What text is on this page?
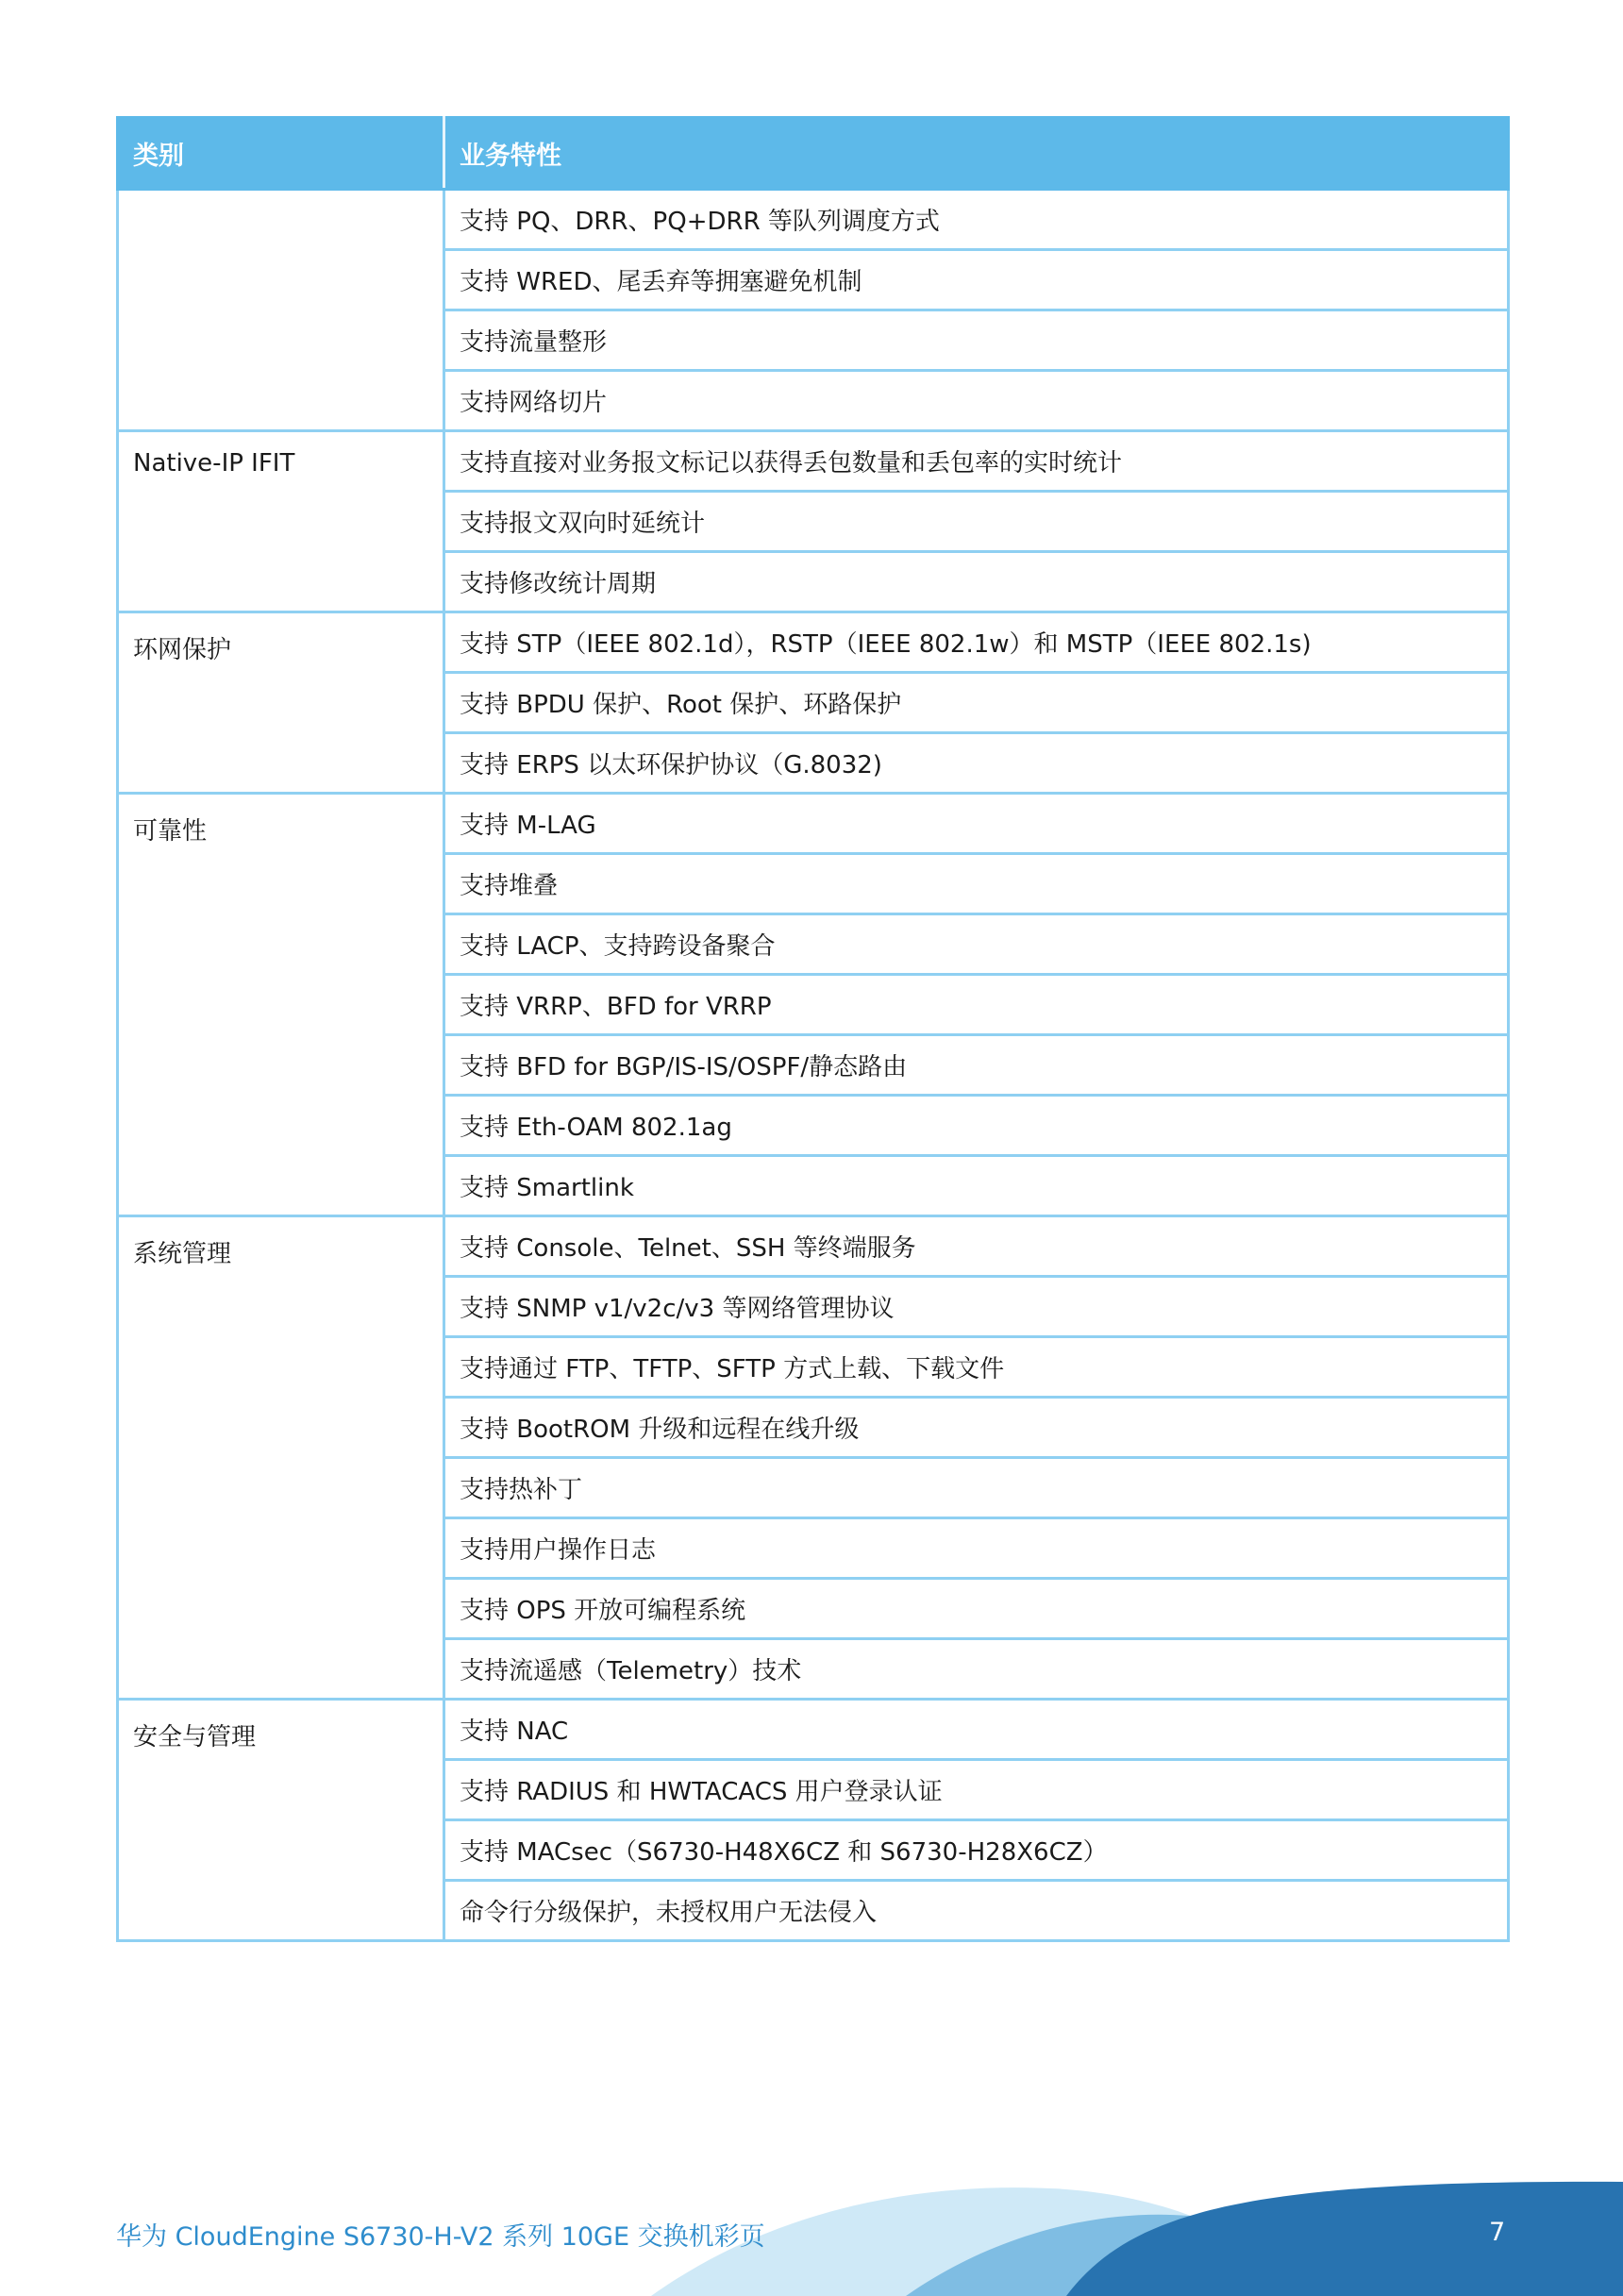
类别	业务特性
	支持 PQ、DRR、PQ+DRR 等队列调度方式
	支持 WRED、尾丢弃等拥塞避免机制
	支持流量整形
	支持网络切片
Native-IP IFIT	支持直接对业务报文标记以获得丢包数量和丢包率的实时统计
	支持报文双向时延统计
	支持修改统计周期
环网保护	支持 STP（IEEE 802.1d），RSTP（IEEE 802.1w）和 MSTP（IEEE 802.1s)
	支持 BPDU 保护、Root 保护、环路保护
	支持 ERPS 以太环保护协议（G.8032)
可靠性	支持 M-LAG
	支持堆叠
	支持 LACP、支持跨设备聚合
	支持 VRRP、BFD for VRRP
	支持 BFD for BGP/IS-IS/OSPF/静态路由
	支持 Eth-OAM 802.1ag
	支持 Smartlink
系统管理	支持 Console、Telnet、SSH 等终端服务
	支持 SNMP v1/v2c/v3 等网络管理协议
	支持通过 FTP、TFTP、SFTP 方式上载、下载文件
	支持 BootROM 升级和远程在线升级
	支持热补丁
	支持用户操作日志
	支持 OPS 开放可编程系统
	支持流遥感（Telemetry）技术
安全与管理	支持 NAC
	支持 RADIUS 和 HWTACACS 用户登录认证
	支持 MACsec（S6730-H48X6CZ 和 S6730-H28X6CZ）
	命令行分级保护，未授权用户无法侵入
华为 CloudEngine S6730-H-V2 系列 10GE 交换机彩页	7
